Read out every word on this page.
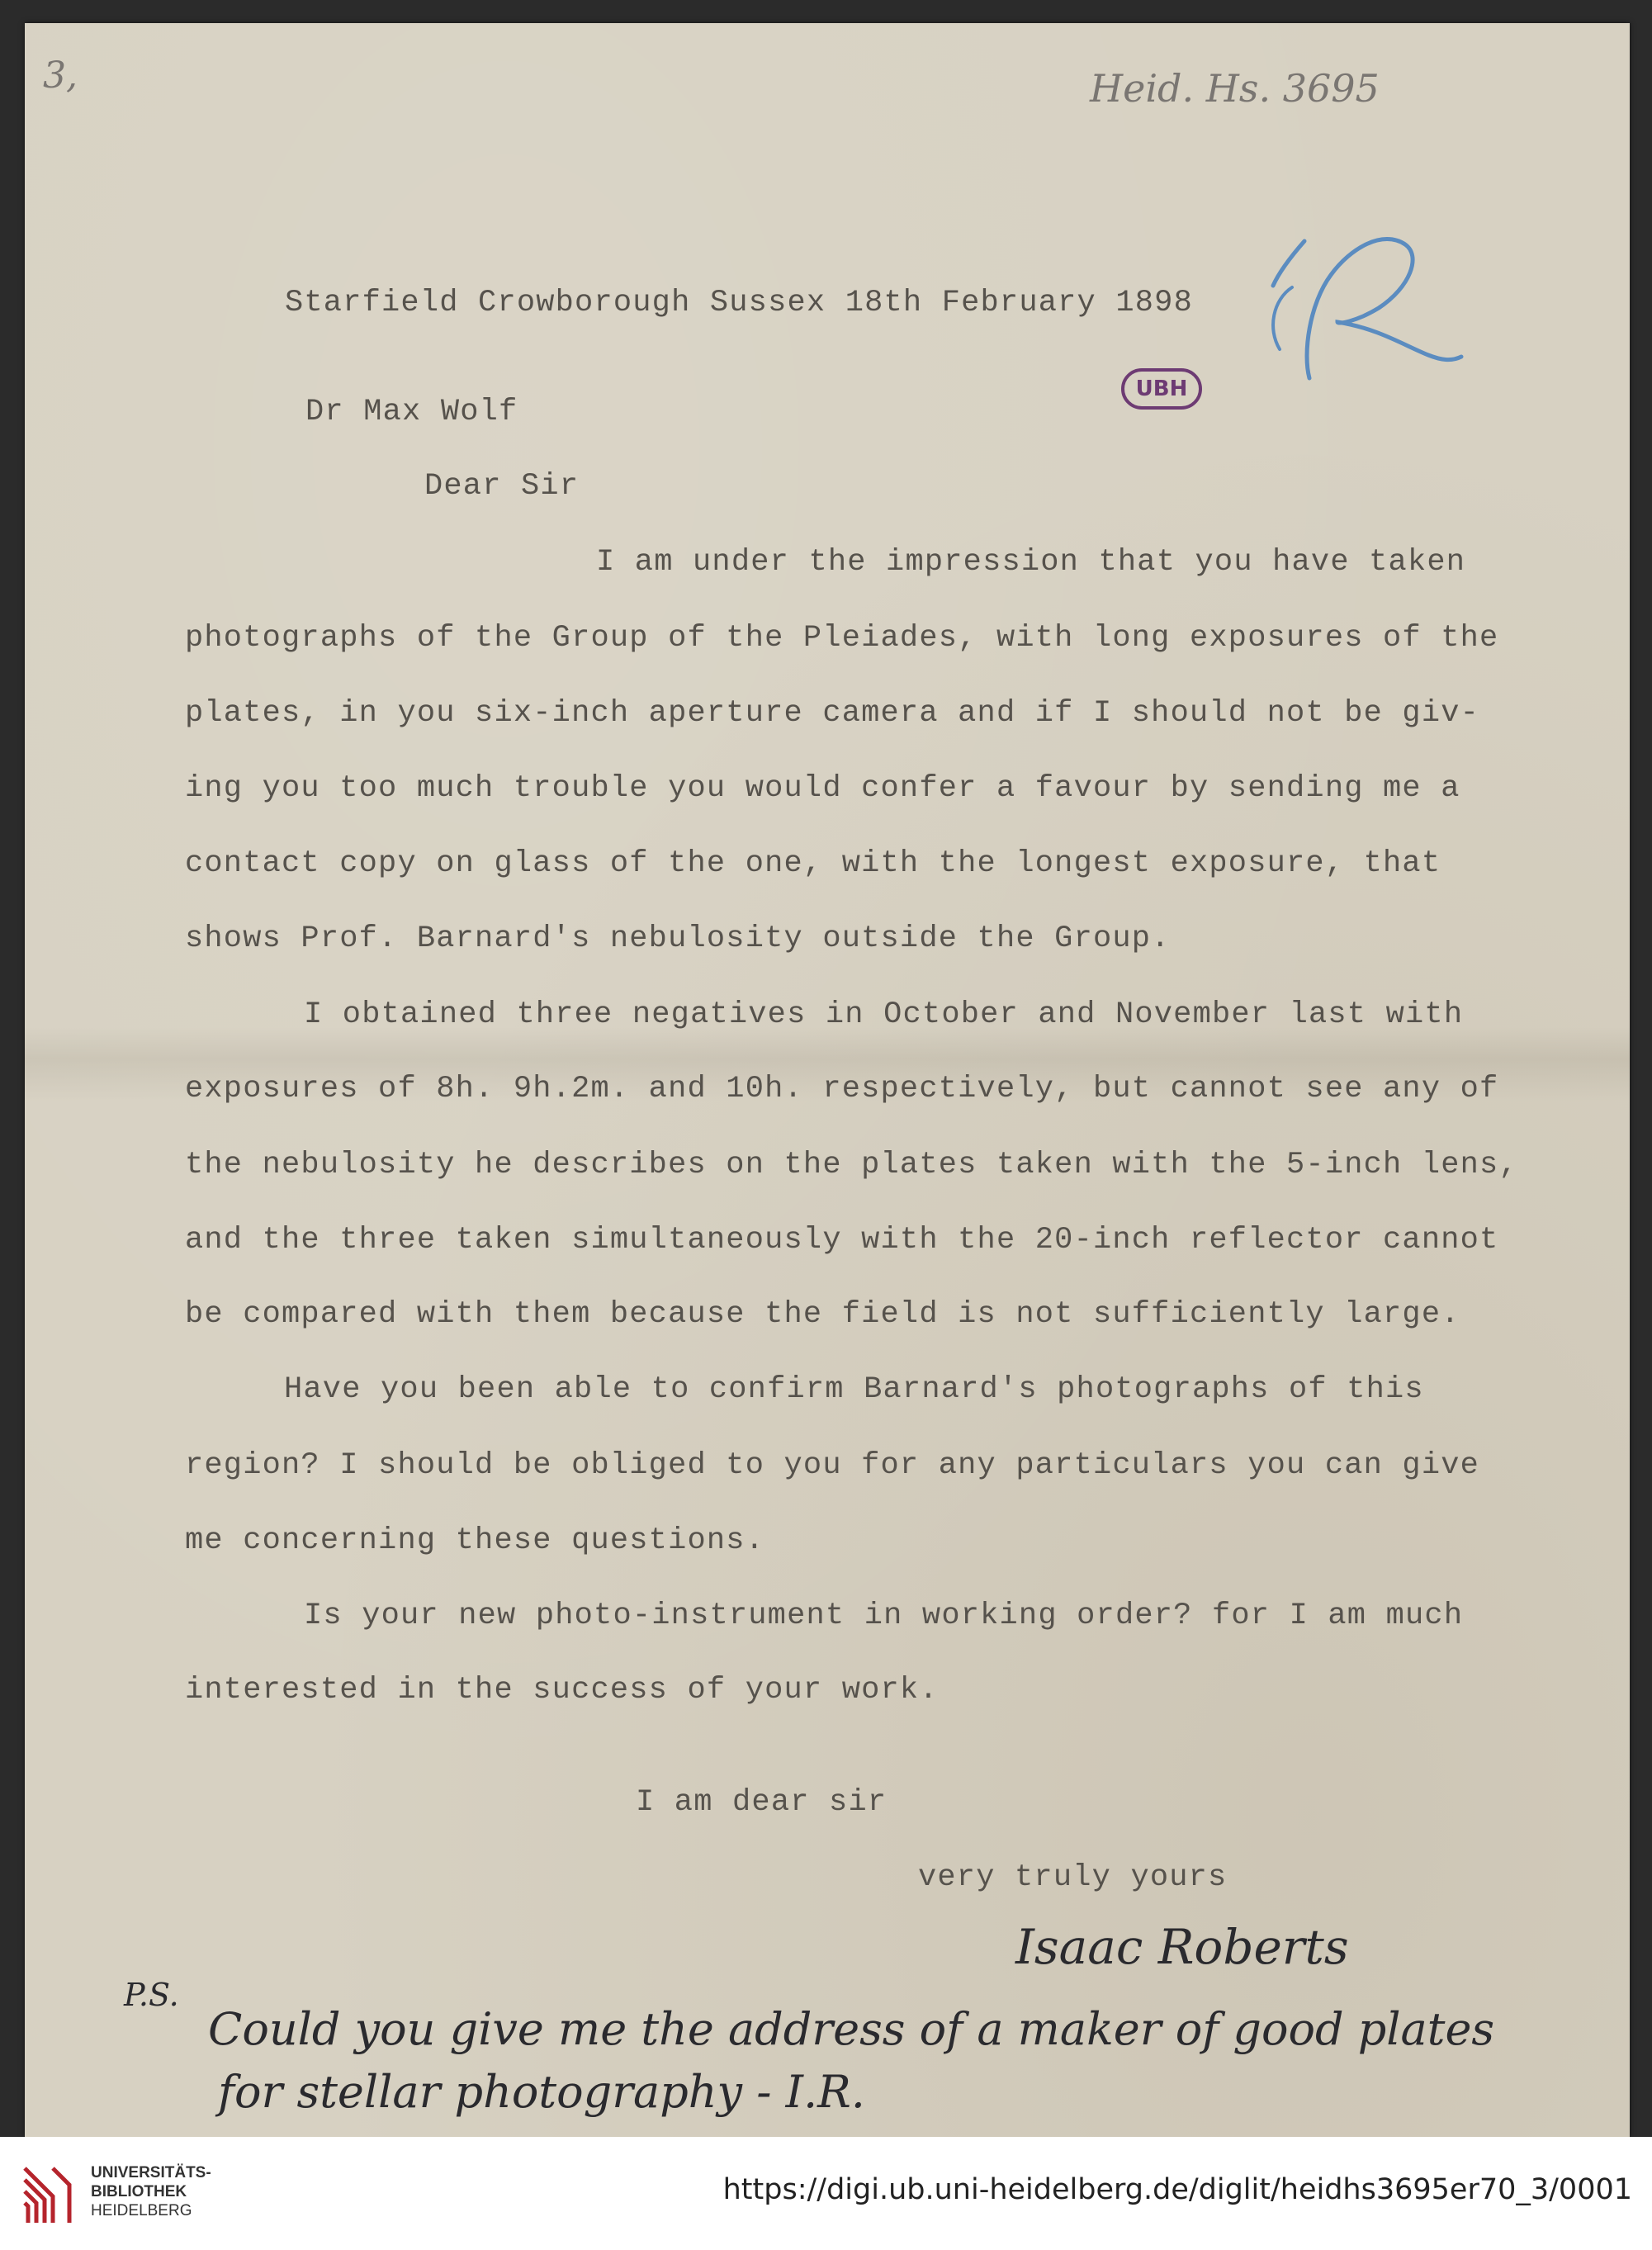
3,	Heid. Hs. 3695
UBH
Starfield Crowborough Sussex 18th February 1898
Dr Max Wolf
Dear Sir
I am under the impression that you have taken
photographs of the Group of the Pleiades, with long exposures of the
plates, in you six-inch aperture camera and if I should not be giv-
ing you too much trouble you would confer a favour by sending me a
contact copy on glass of the one, with the longest exposure, that
shows Prof. Barnard's nebulosity outside the Group.
I obtained three negatives in October and November last with
exposures of 8h. 9h.2m. and 10h. respectively, but cannot see any of
the nebulosity he describes on the plates taken with the 5-inch lens,
and the three taken simultaneously with the 20-inch reflector cannot
be compared with them because the field is not sufficiently large.
Have you been able to confirm Barnard's photographs of this
region? I should be obliged to you for any particulars you can give
me concerning these questions.
Is your new photo-instrument in working order? for I am much
interested in the success of your work.
I am dear sir
very truly yours
Isaac Roberts
P.S.
Could you give me the address of a maker of good plates
for stellar photography - I.R.
UNIVERSITÄTS-
BIBLIOTHEK
HEIDELBERG
https://digi.ub.uni-heidelberg.de/diglit/heidhs3695er70_3/0001
